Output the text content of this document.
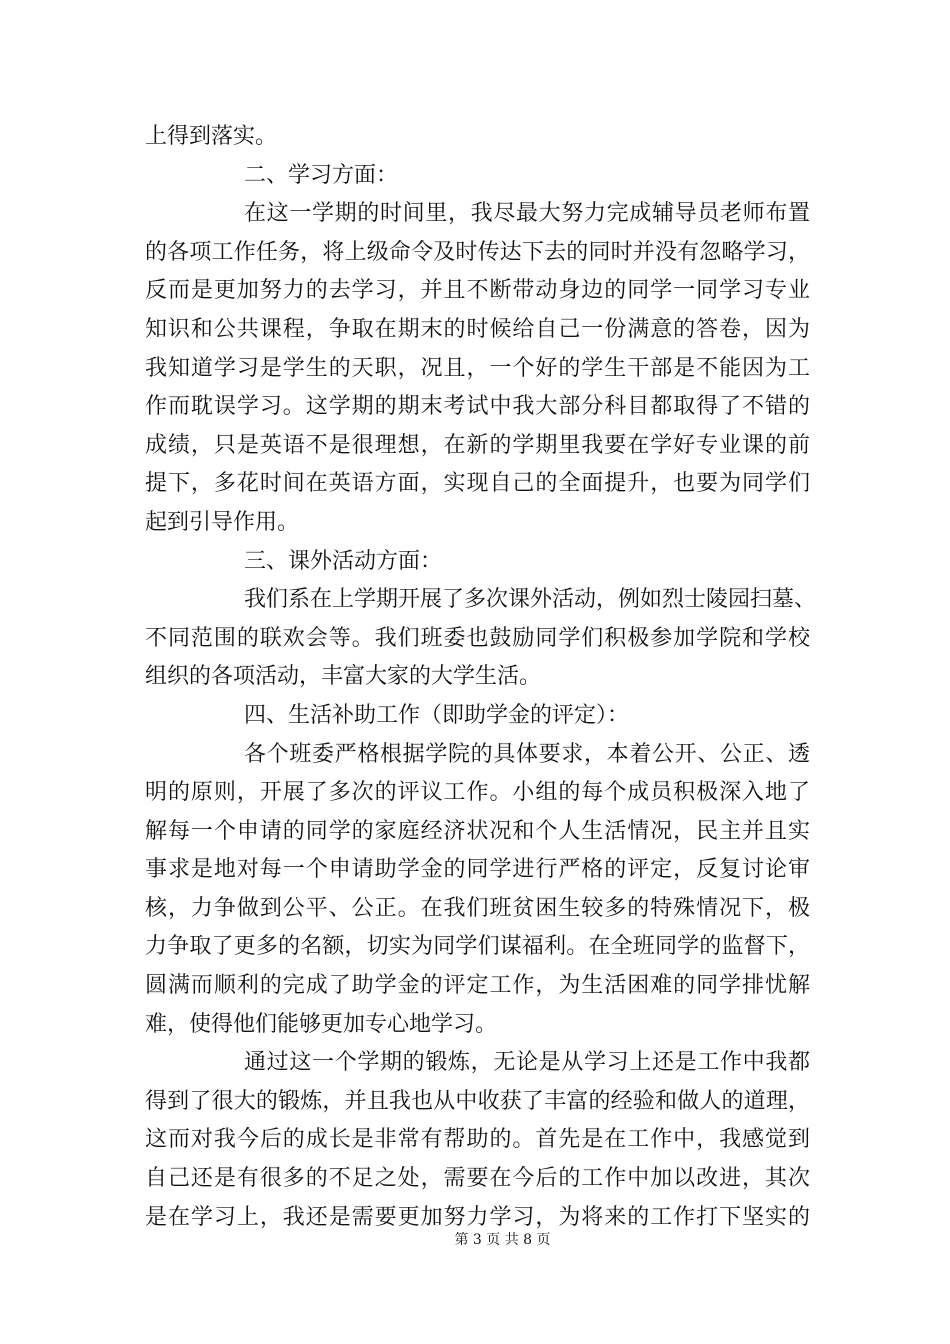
上得到落实。
二、学习方面：
在这一学期的时间里，我尽最大努力完成辅导员老师布置
的各项工作任务，将上级命令及时传达下去的同时并没有忽略学习，
反而是更加努力的去学习，并且不断带动身边的同学一同学习专业
知识和公共课程，争取在期末的时候给自己一份满意的答卷，因为
我知道学习是学生的天职，况且，一个好的学生干部是不能因为工
作而耽误学习。这学期的期末考试中我大部分科目都取得了不错的
成绩，只是英语不是很理想，在新的学期里我要在学好专业课的前
提下，多花时间在英语方面，实现自己的全面提升，也要为同学们
起到引导作用。
三、课外活动方面：
我们系在上学期开展了多次课外活动，例如烈士陵园扫墓、
不同范围的联欢会等。我们班委也鼓励同学们积极参加学院和学校
组织的各项活动，丰富大家的大学生活。
四、生活补助工作（即助学金的评定）：
各个班委严格根据学院的具体要求，本着公开、公正、透
明的原则，开展了多次的评议工作。小组的每个成员积极深入地了
解每一个申请的同学的家庭经济状况和个人生活情况，民主并且实
事求是地对每一个申请助学金的同学进行严格的评定，反复讨论审
核，力争做到公平、公正。在我们班贫困生较多的特殊情况下，极
力争取了更多的名额，切实为同学们谋福利。在全班同学的监督下，
圆满而顺利的完成了助学金的评定工作，为生活困难的同学排忧解
难，使得他们能够更加专心地学习。
通过这一个学期的锻炼，无论是从学习上还是工作中我都
得到了很大的锻炼，并且我也从中收获了丰富的经验和做人的道理，
这而对我今后的成长是非常有帮助的。首先是在工作中，我感觉到
自己还是有很多的不足之处，需要在今后的工作中加以改进，其次
是在学习上，我还是需要更加努力学习，为将来的工作打下坚实的
第 3 页 共 8 页
